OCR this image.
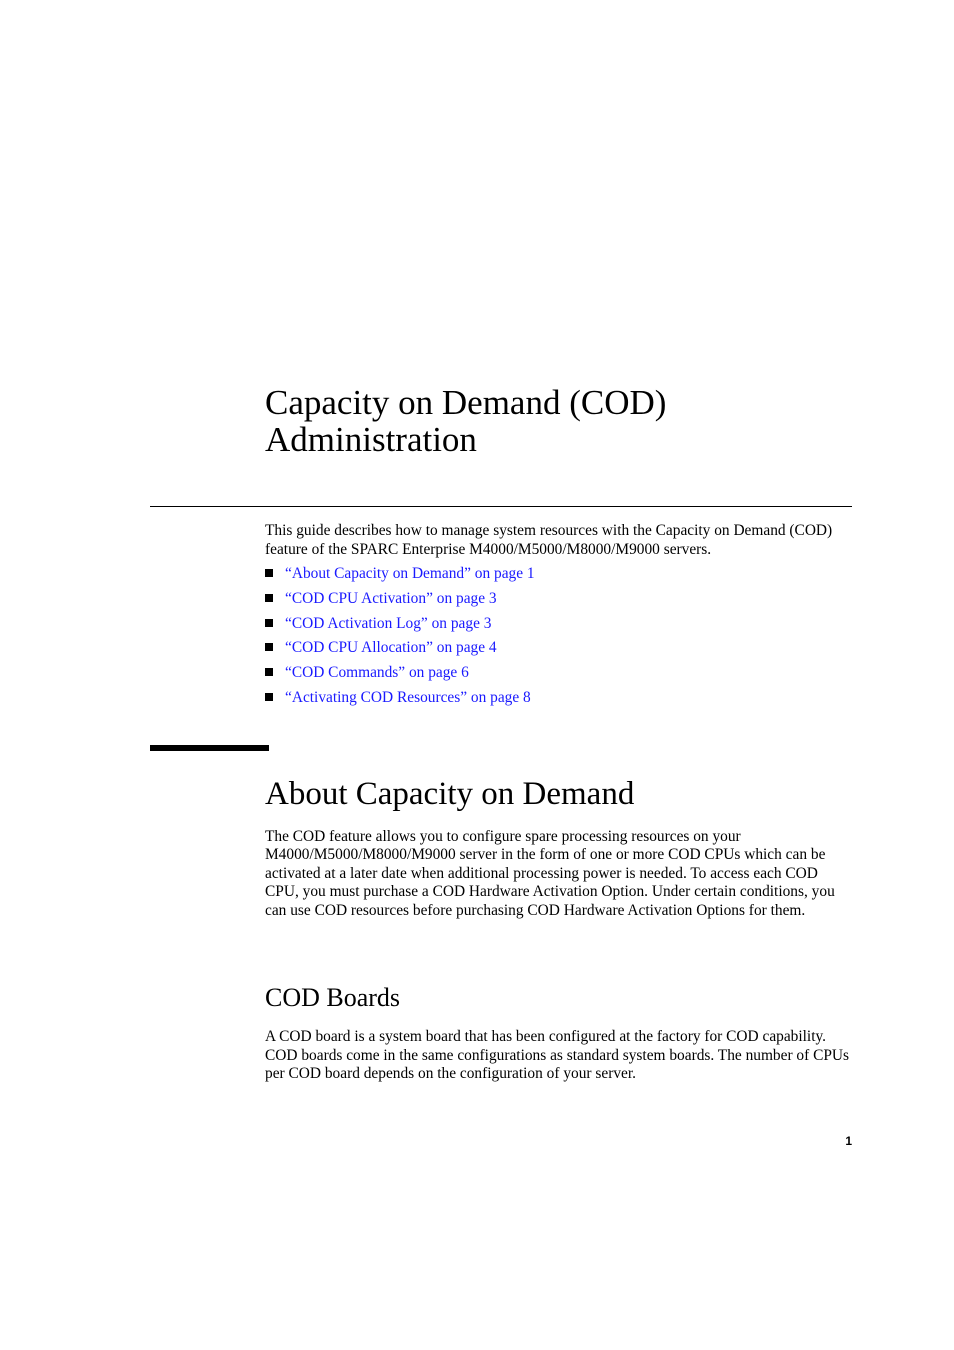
Capacity on Demand (COD)
Administration

This guide describes how to manage system resources with the Capacity on Demand (COD) feature of the SPARC Enterprise M4000/M5000/M8000/M9000 servers.

“About Capacity on Demand” on page 1
“COD CPU Activation” on page 3
“COD Activation Log” on page 3
“COD CPU Allocation” on page 4
“COD Commands” on page 6
“Activating COD Resources” on page 8
About Capacity on Demand

The COD feature allows you to configure spare processing resources on your M4000/M5000/M8000/M9000 server in the form of one or more COD CPUs which can be activated at a later date when additional processing power is needed. To access each COD CPU, you must purchase a COD Hardware Activation Option. Under certain conditions, you can use COD resources before purchasing COD Hardware Activation Options for them.

COD Boards

A COD board is a system board that has been configured at the factory for COD capability. COD boards come in the same configurations as standard system boards. The number of CPUs per COD board depends on the configuration of your server.

1
